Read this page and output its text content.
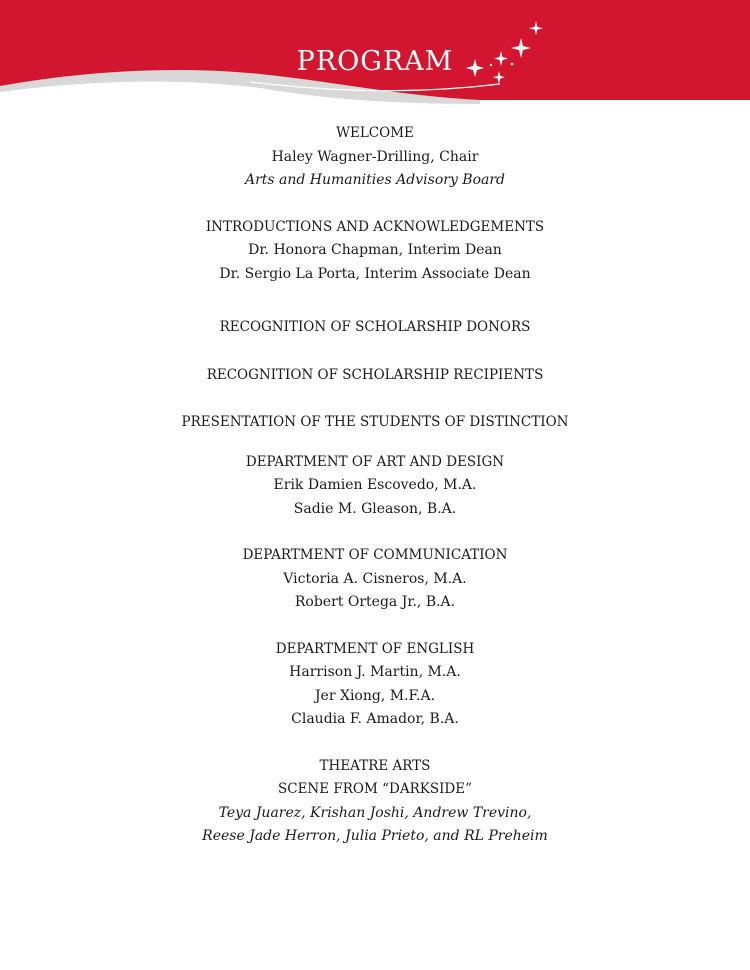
PROGRAM

WELCOME

Haley Wagner-Drilling, Chair

Arts and Humanities Advisory Board

INTRODUCTIONS AND ACKNOWLEDGEMENTS

Dr. Honora Chapman, Interim Dean

Dr. Sergio La Porta, Interim Associate Dean

RECOGNITION OF SCHOLARSHIP DONORS

RECOGNITION OF SCHOLARSHIP RECIPIENTS

PRESENTATION OF THE STUDENTS OF DISTINCTION

DEPARTMENT OF ART AND DESIGN

Erik Damien Escovedo, M.A.

Sadie M. Gleason, B.A.

DEPARTMENT OF COMMUNICATION

Victoria A. Cisneros, M.A.

Robert Ortega Jr., B.A.

DEPARTMENT OF ENGLISH

Harrison J. Martin, M.A.

Jer Xiong, M.F.A.

Claudia F. Amador, B.A.

THEATRE ARTS

SCENE FROM “DARKSIDE”

Teya Juarez, Krishan Joshi, Andrew Trevino,

Reese Jade Herron, Julia Prieto, and RL Preheim
